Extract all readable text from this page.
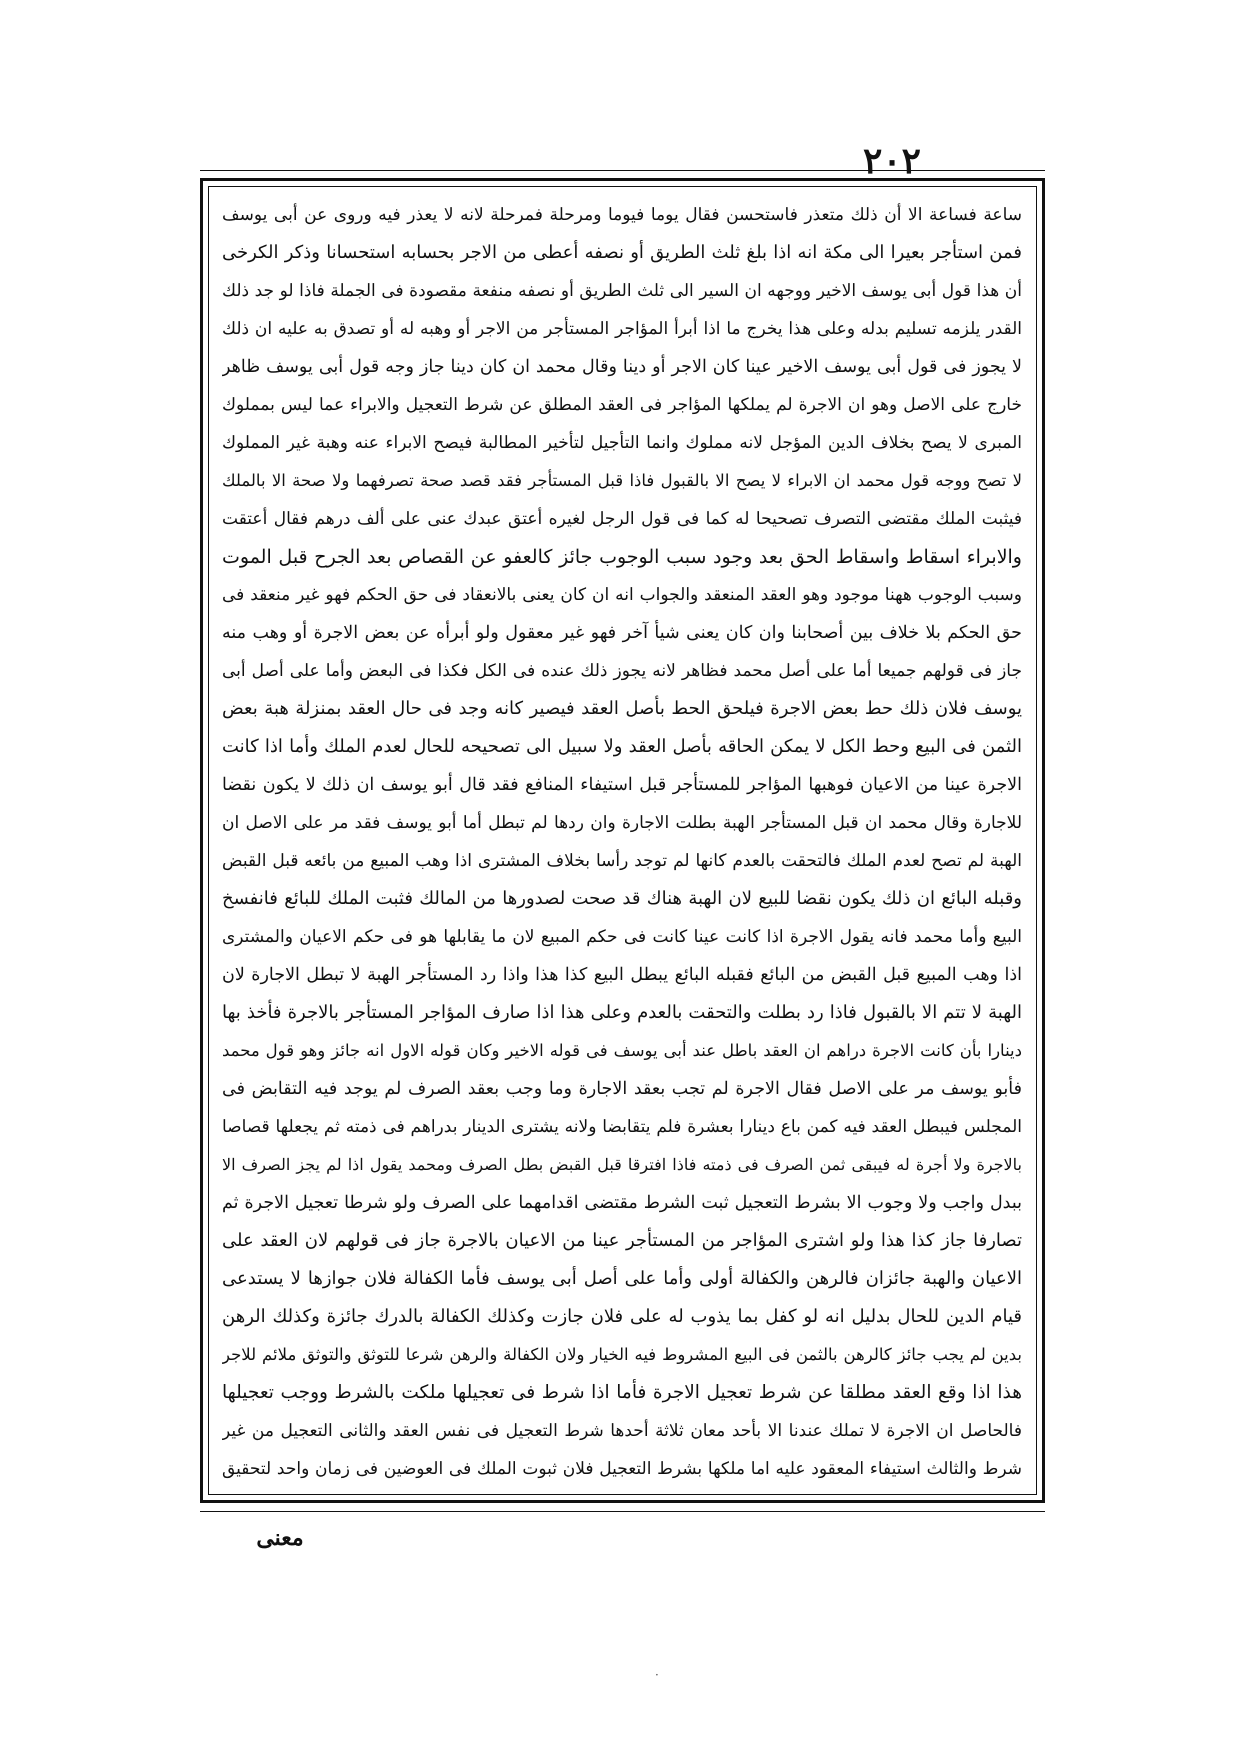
٢٠٢
ساعة فساعة الا أن ذلك متعذر فاستحسن فقال يوما فيوما ومرحلة فمرحلة لانه لا يعذر فيه وروی عن أبی یوسف
فمن استأجر بعيرا الى مكة انه اذا بلغ ثلث الطريق أو نصفه أعطى من الاجر بحسابه استحسانا وذكر الكرخی
أن هذا قول أبی یوسف الاخير ووجهه ان السير الى ثلث الطريق أو نصفه منفعة مقصودة فی الجملة فاذا لو جد ذلك
القدر يلزمه تسليم بدله وعلى هذا يخرج ما اذا أبرأ المؤاجر المستأجر من الاجر أو وهبه له أو تصدق به عليه ان ذلك
لا يجوز فی قول أبی یوسف الاخير عينا كان الاجر أو دينا وقال محمد ان كان دينا جاز وجه قول أبی یوسف ظاهر
خارج على الاصل وهو ان الاجرة لم يملكها المؤاجر فی العقد المطلق عن شرط التعجيل والابراء عما ليس بمملوك
المبری لا يصح بخلاف الدين المؤجل لانه مملوك وانما التأجيل لتأخير المطالبة فيصح الابراء عنه وهبة غير المملوك
لا تصح ووجه قول محمد ان الابراء لا يصح الا بالقبول فاذا قبل المستأجر فقد قصد صحة تصرفهما ولا صحة الا بالملك
فيثبت الملك مقتضى التصرف تصحيحا له كما فی قول الرجل لغيره أعتق عبدك عنی على ألف درهم فقال أعتقت
والابراء اسقاط واسقاط الحق بعد وجود سبب الوجوب جائز كالعفو عن القصاص بعد الجرح قبل الموت
وسبب الوجوب ههنا موجود وهو العقد المنعقد والجواب انه ان كان يعنی بالانعقاد فی حق الحكم فهو غير منعقد فی
حق الحكم بلا خلاف بين أصحابنا وان كان يعنی شيأ آخر فهو غير معقول ولو أبرأه عن بعض الاجرة أو وهب منه
جاز فی قولهم جميعا أما على أصل محمد فظاهر لانه يجوز ذلك عنده فی الكل فكذا فی البعض وأما على أصل أبی
يوسف فلان ذلك حط بعض الاجرة فيلحق الحط بأصل العقد فيصير كانه وجد فی حال العقد بمنزلة هبة بعض
الثمن فی البيع وحط الكل لا يمكن الحاقه بأصل العقد ولا سبيل الى تصحيحه للحال لعدم الملك وأما اذا كانت
الاجرة عينا من الاعيان فوهبها المؤاجر للمستأجر قبل استيفاء المنافع فقد قال أبو يوسف ان ذلك لا يكون نقضا
للاجارة وقال محمد ان قبل المستأجر الهبة بطلت الاجارة وان ردها لم تبطل أما أبو يوسف فقد مر على الاصل ان
الهبة لم تصح لعدم الملك فالتحقت بالعدم كانها لم توجد رأسا بخلاف المشتری اذا وهب المبيع من بائعه قبل القبض
وقبله البائع ان ذلك يكون نقضا للبيع لان الهبة هناك قد صحت لصدورها من المالك فثبت الملك للبائع فانفسخ
البيع وأما محمد فانه يقول الاجرة اذا كانت عينا كانت فی حكم المبيع لان ما يقابلها هو فی حكم الاعيان والمشتری
اذا وهب المبيع قبل القبض من البائع فقبله البائع يبطل البيع كذا هذا واذا رد المستأجر الهبة لا تبطل الاجارة لان
الهبة لا تتم الا بالقبول فاذا رد بطلت والتحقت بالعدم وعلى هذا اذا صارف المؤاجر المستأجر بالاجرة فأخذ بها
دينارا بأن كانت الاجرة دراهم ان العقد باطل عند أبی يوسف فی قوله الاخير وكان قوله الاول انه جائز وهو قول محمد
فأبو يوسف مر على الاصل فقال الاجرة لم تجب بعقد الاجارة وما وجب بعقد الصرف لم يوجد فيه التقابض فی
المجلس فيبطل العقد فيه كمن باع دينارا بعشرة فلم يتقابضا ولانه يشتری الدينار بدراهم فی ذمته ثم يجعلها قصاصا
بالاجرة ولا أجرة له فيبقى ثمن الصرف فی ذمته فاذا افترقا قبل القبض بطل الصرف ومحمد يقول اذا لم يجز الصرف الا
ببدل واجب ولا وجوب الا بشرط التعجيل ثبت الشرط مقتضى اقدامهما على الصرف ولو شرطا تعجيل الاجرة ثم
تصارفا جاز كذا هذا ولو اشترى المؤاجر من المستأجر عينا من الاعيان بالاجرة جاز فی قولهم لان العقد على
الاعيان والهبة جائزان فالرهن والكفالة أولى وأما على أصل أبی يوسف فأما الكفالة فلان جوازها لا يستدعی
قيام الدين للحال بدليل انه لو كفل بما يذوب له على فلان جازت وكذلك الكفالة بالدرك جائزة وكذلك الرهن
بدين لم يجب جائز كالرهن بالثمن فی البيع المشروط فيه الخيار ولان الكفالة والرهن شرعا للتوثق والتوثق ملائم للاجر
هذا اذا وقع العقد مطلقا عن شرط تعجيل الاجرة فأما اذا شرط فی تعجيلها ملكت بالشرط ووجب تعجيلها
فالحاصل ان الاجرة لا تملك عندنا الا بأحد معان ثلاثة أحدها شرط التعجيل فی نفس العقد والثانی التعجيل من غير
شرط والثالث استيفاء المعقود عليه اما ملكها بشرط التعجيل فلان ثبوت الملك فی العوضين فی زمان واحد لتحقيق
معنی
·
